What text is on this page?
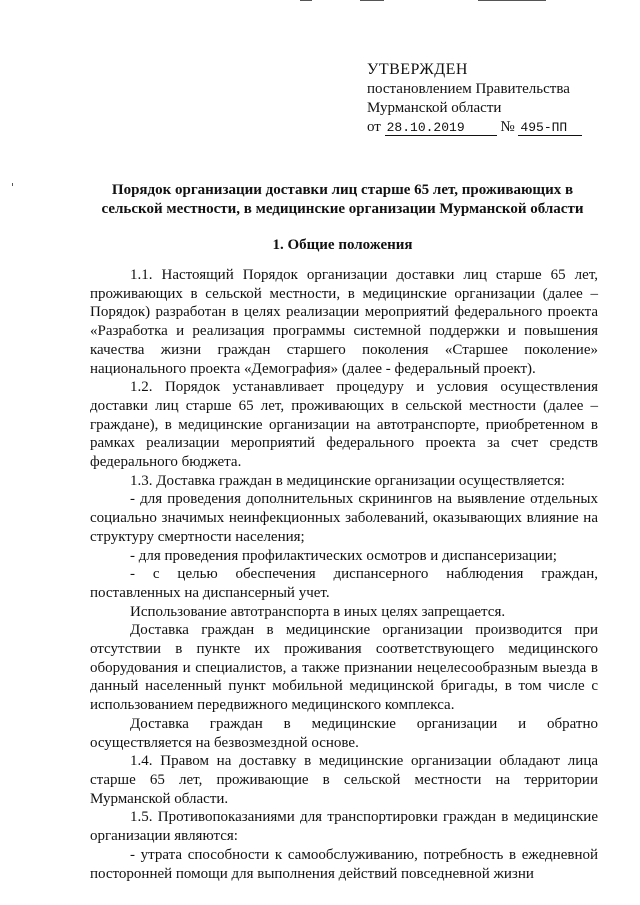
УТВЕРЖДЕН
постановлением Правительства
Мурманской области
от 28.10.2019 № 495-ПП
Порядок организации доставки лиц старше 65 лет, проживающих в сельской местности, в медицинские организации Мурманской области
1. Общие положения

1.1. Настоящий Порядок организации доставки лиц старше 65 лет, проживающих в сельской местности, в медицинские организации (далее – Порядок) разработан в целях реализации мероприятий федерального проекта «Разработка и реализация программы системной поддержки и повышения качества жизни граждан старшего поколения «Старшее поколение» национального проекта «Демография» (далее - федеральный проект).

1.2. Порядок устанавливает процедуру и условия осуществления доставки лиц старше 65 лет, проживающих в сельской местности (далее – граждане), в медицинские организации на автотранспорте, приобретенном в рамках реализации мероприятий федерального проекта за счет средств федерального бюджета.

1.3. Доставка граждан в медицинские организации осуществляется:

- для проведения дополнительных скринингов на выявление отдельных социально значимых неинфекционных заболеваний, оказывающих влияние на структуру смертности населения;

- для проведения профилактических осмотров и диспансеризации;

- с целью обеспечения диспансерного наблюдения граждан, поставленных на диспансерный учет.

Использование автотранспорта в иных целях запрещается.

Доставка граждан в медицинские организации производится при отсутствии в пункте их проживания соответствующего медицинского оборудования и специалистов, а также признании нецелесообразным выезда в данный населенный пункт мобильной медицинской бригады, в том числе с использованием передвижного медицинского комплекса.

Доставка граждан в медицинские организации и обратно осуществляется на безвозмездной основе.

1.4. Правом на доставку в медицинские организации обладают лица старше 65 лет, проживающие в сельской местности на территории Мурманской области.

1.5. Противопоказаниями для транспортировки граждан в медицинские организации являются:

- утрата способности к самообслуживанию, потребность в ежедневной посторонней помощи для выполнения действий повседневной жизни
